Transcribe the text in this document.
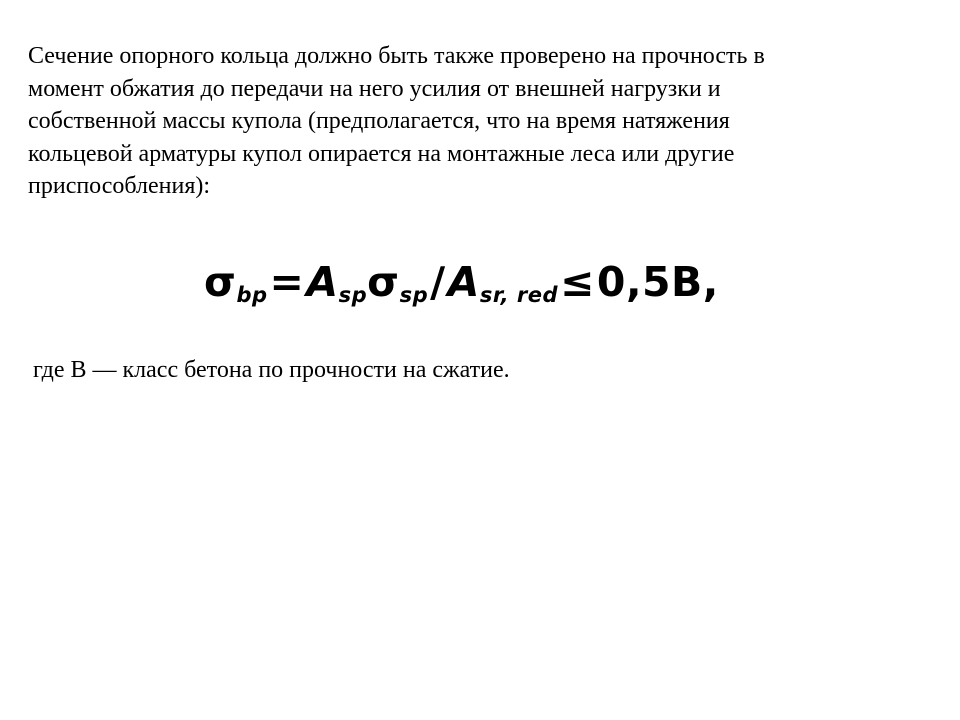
Сечение опорного кольца должно быть также проверено на прочность в
момент обжатия до передачи на него усилия от внешней нагрузки и
собственной массы купола (предполагается, что на время натяжения
кольцевой арматуры купол опирается на монтажные леса или другие
приспособления):
$\sigma_{bp}=A_{sp}\sigma_{sp}/A_{sr, red}\le 0,5B$,

где В — класс бетона по прочности на сжатие.
